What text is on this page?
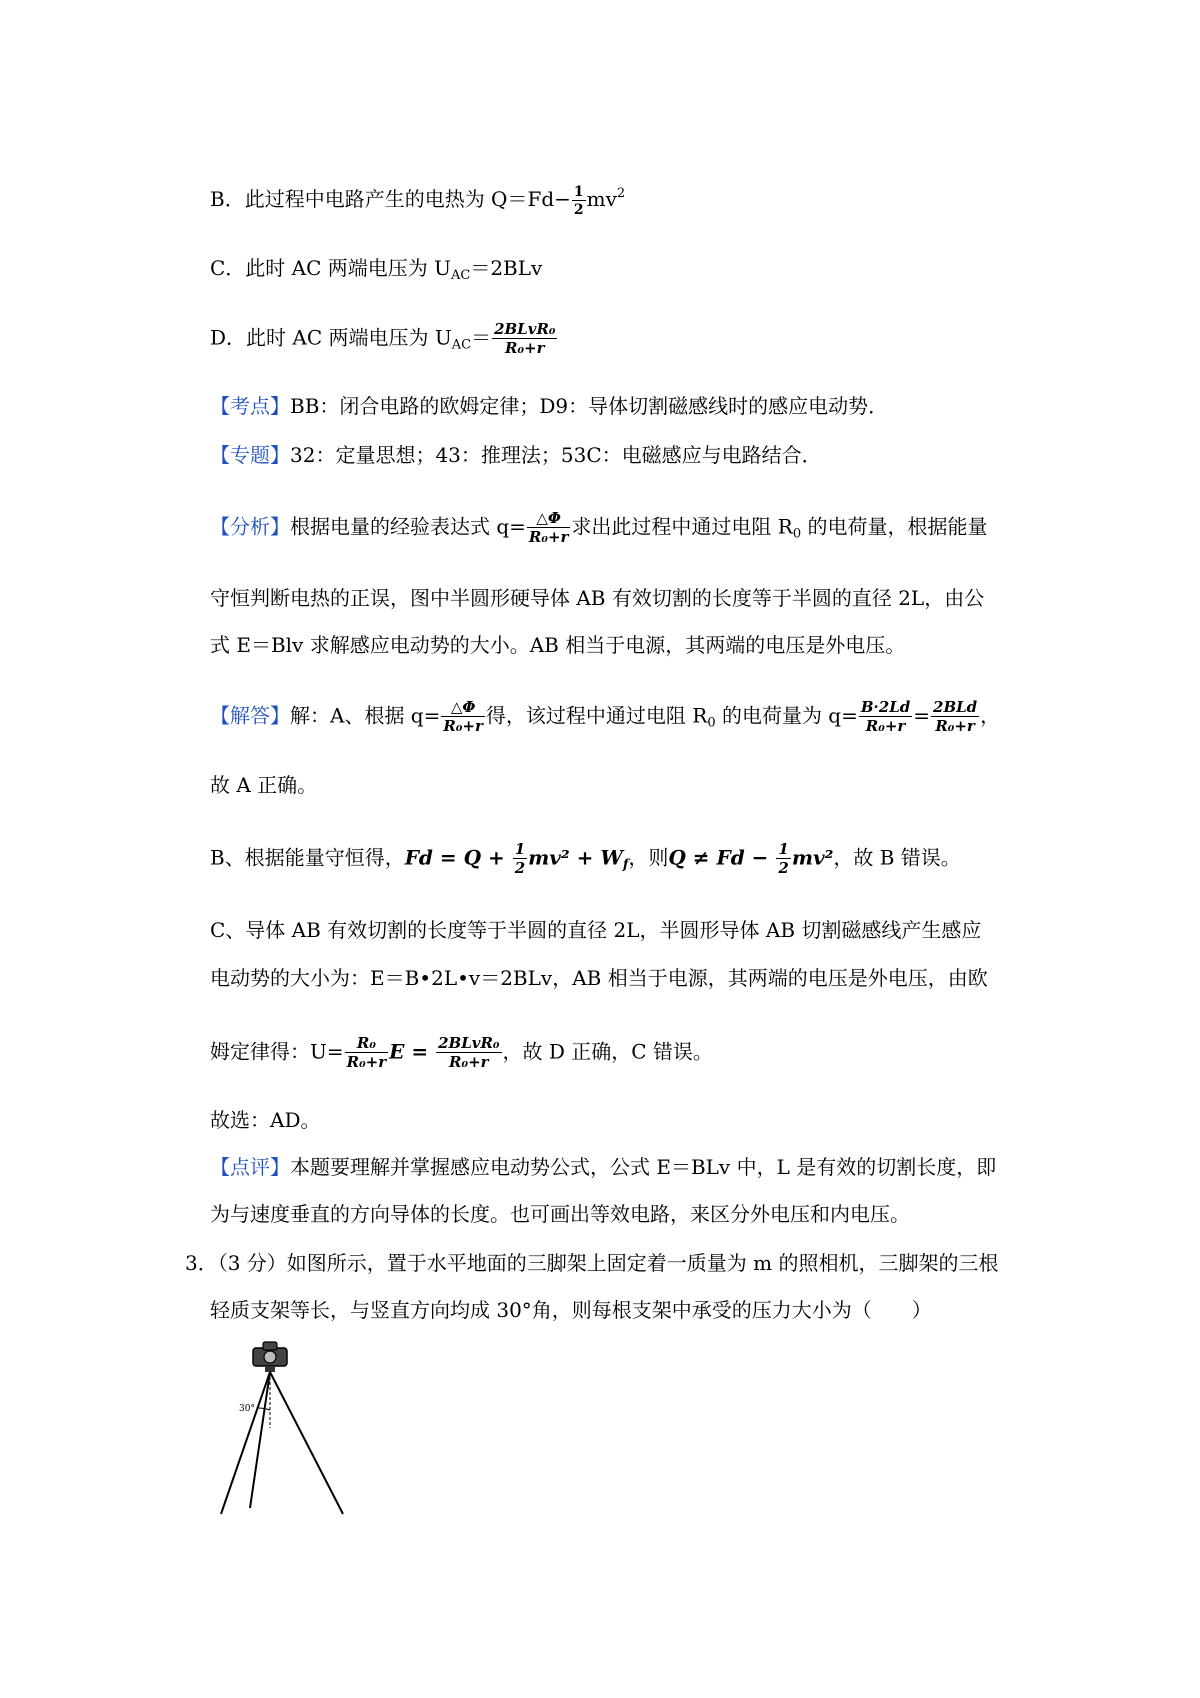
B．此过程中电路产生的电热为 $Q=Fd- \frac{1}{2} mv^2$
C．此时 AC 两端电压为 $U_{AC}=2BLv$
D．此时 AC 两端电压为 $U_{AC}= \frac{\text{2BLvR₀}}{\text{R₀+r}}$
【考点】BB：闭合电路的欧姆定律；D9：导体切割磁感线时的感应电动势．
【专题】32：定量思想；43：推理法；53C：电磁感应与电路结合．
【分析】根据电量的经验表达式 $q= \frac{\triangle\Phi}{\text{R₀+r}}$ 求出此过程中通过电阻 $R_0$ 的电荷量，根据能量
守恒判断电热的正误，图中半圆形硬导体 AB 有效切割的长度等于半圆的直径 2L，由公
式 E＝Blv 求解感应电动势的大小。AB 相当于电源，其两端的电压是外电压。
【解答】解：A、根据 $q= \frac{\triangle\Phi}{\text{R₀+r}}$ 得，该过程中通过电阻 $R_0$ 的电荷量为 $q= \frac{B\cdot 2Ld}{\text{R₀+r}} = \frac{\text{2BLd}}{\text{R₀+r}}$ ，
故 A 正确。
B、根据能量守恒得，$Fd = Q + \frac{1}{2} mv^2 + W_f$，则$Q \ne Fd - \frac{1}{2} mv^2$，故 B 错误。
C、导体 AB 有效切割的长度等于半圆的直径 2L，半圆形导体 AB 切割磁感线产生感应
电动势的大小为：E＝B•2L•v＝2BLv，AB 相当于电源，其两端的电压是外电压，由欧
姆定律得：$U= \frac{\text{R₀}}{\text{R₀+r}}$ $E = \frac{\text{2BLvR₀}}{\text{R₀+r}}$ ，故 D 正确，C 错误。
故选：AD。
【点评】本题要理解并掌握感应电动势公式，公式 E＝BLv 中，L 是有效的切割长度，即
为与速度垂直的方向导体的长度。也可画出等效电路，来区分外电压和内电压。
3．（3 分）如图所示，置于水平地面的三脚架上固定着一质量为 m 的照相机，三脚架的三根
轻质支架等长，与竖直方向均成 30°角，则每根支架中承受的压力大小为（　　）
30°
